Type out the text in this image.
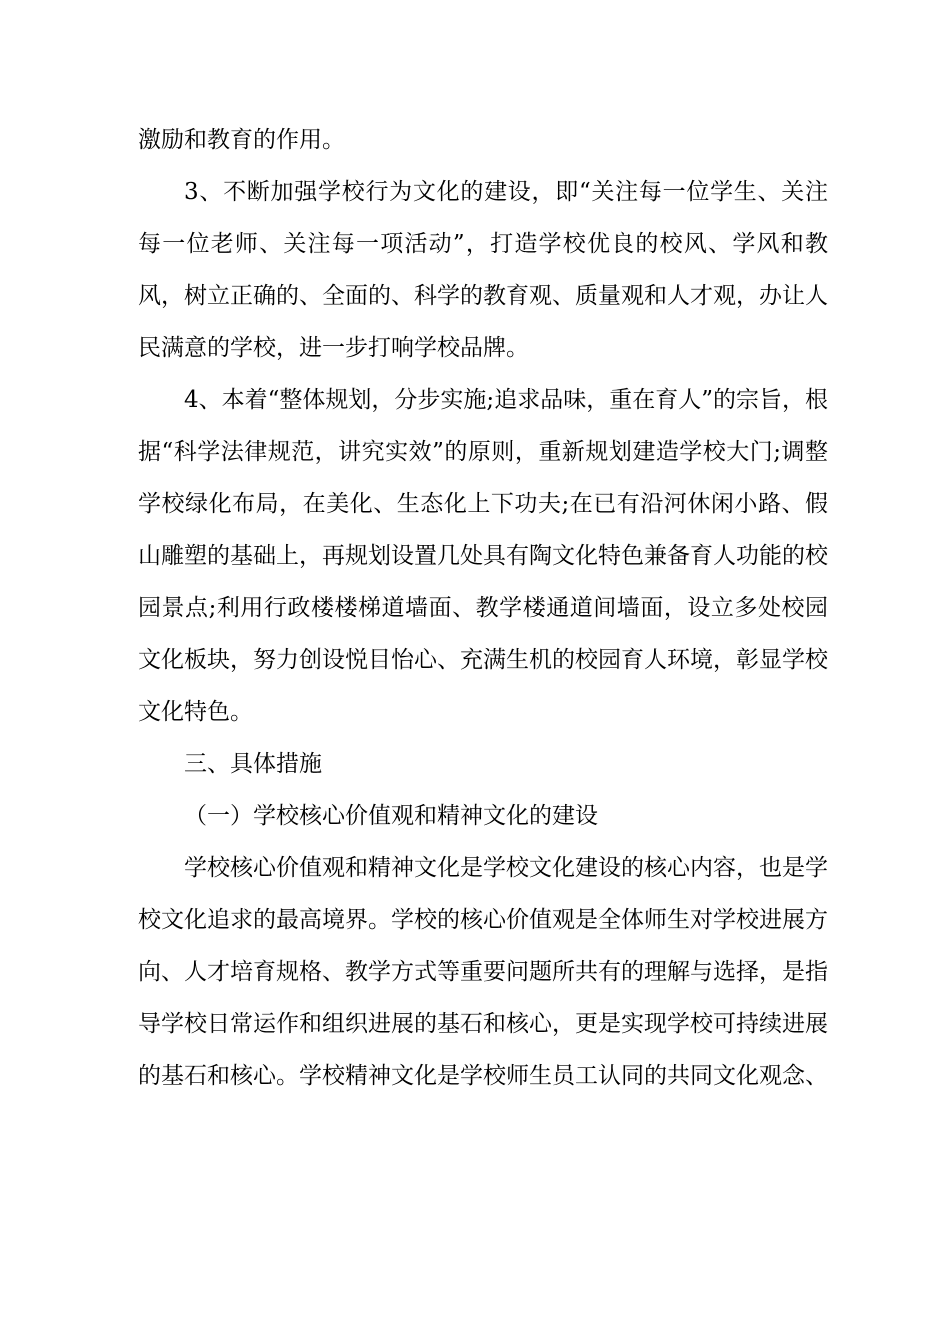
激励和教育的作用。

3、不断加强学校行为文化的建设，即“关注每一位学生、关注每一位老师、关注每一项活动”，打造学校优良的校风、学风和教风，树立正确的、全面的、科学的教育观、质量观和人才观，办让人民满意的学校，进一步打响学校品牌。

4、本着“整体规划，分步实施;追求品味，重在育人”的宗旨，根据“科学法律规范，讲究实效”的原则，重新规划建造学校大门;调整学校绿化布局，在美化、生态化上下功夫;在已有沿河休闲小路、假山雕塑的基础上，再规划设置几处具有陶文化特色兼备育人功能的校园景点;利用行政楼楼梯道墙面、教学楼通道间墙面，设立多处校园文化板块，努力创设悦目怡心、充满生机的校园育人环境，彰显学校文化特色。

三、具体措施

（一）学校核心价值观和精神文化的建设

学校核心价值观和精神文化是学校文化建设的核心内容，也是学校文化追求的最高境界。学校的核心价值观是全体师生对学校进展方向、人才培育规格、教学方式等重要问题所共有的理解与选择，是指导学校日常运作和组织进展的基石和核心，更是实现学校可持续进展的基石和核心。学校精神文化是学校师生员工认同的共同文化观念、
